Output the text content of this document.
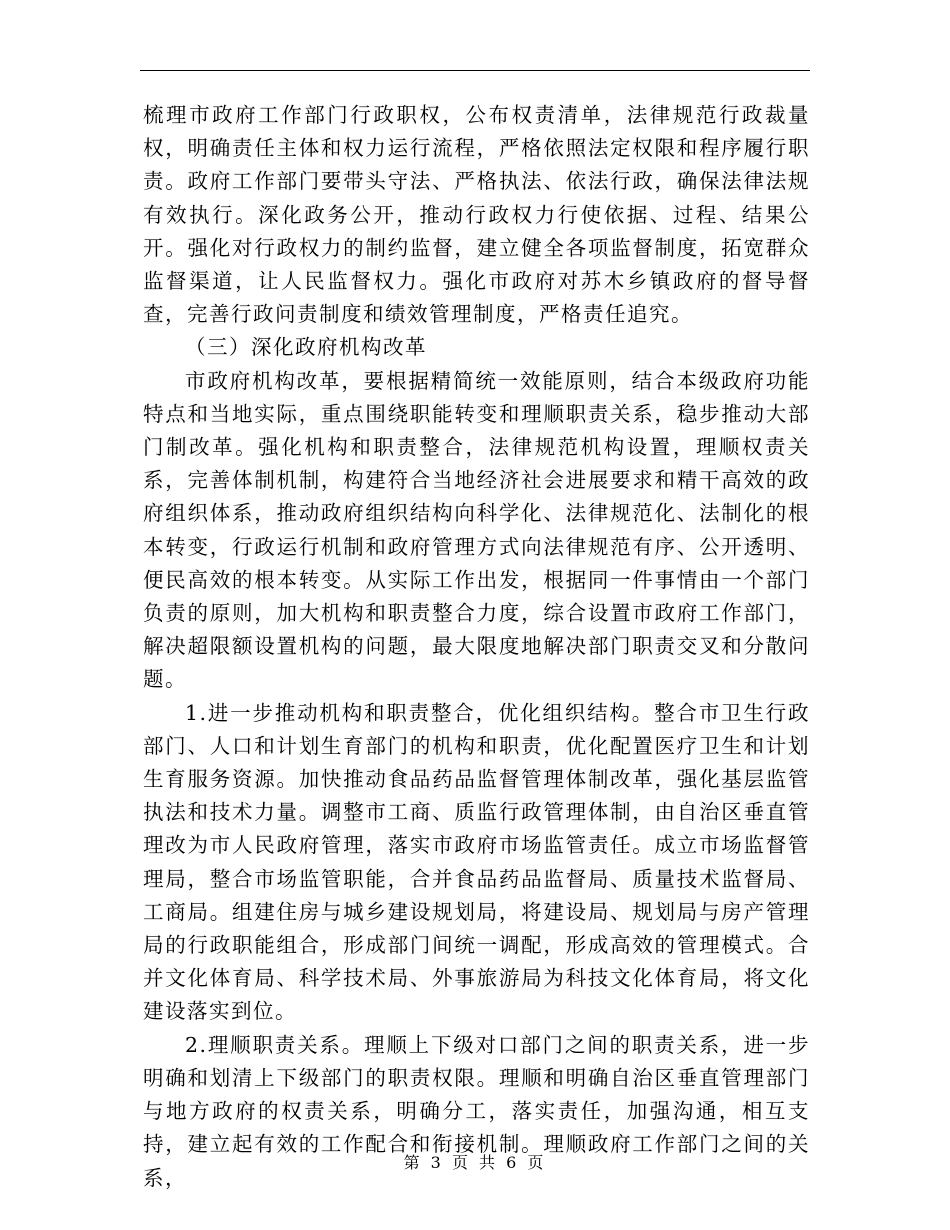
梳理市政府工作部门行政职权，公布权责清单，法律规范行政裁量权，明确责任主体和权力运行流程，严格依照法定权限和程序履行职责。政府工作部门要带头守法、严格执法、依法行政，确保法律法规有效执行。深化政务公开，推动行政权力行使依据、过程、结果公开。强化对行政权力的制约监督，建立健全各项监督制度，拓宽群众监督渠道，让人民监督权力。强化市政府对苏木乡镇政府的督导督查，完善行政问责制度和绩效管理制度，严格责任追究。

（三）深化政府机构改革

市政府机构改革，要根据精简统一效能原则，结合本级政府功能特点和当地实际，重点围绕职能转变和理顺职责关系，稳步推动大部门制改革。强化机构和职责整合，法律规范机构设置，理顺权责关系，完善体制机制，构建符合当地经济社会进展要求和精干高效的政府组织体系，推动政府组织结构向科学化、法律规范化、法制化的根本转变，行政运行机制和政府管理方式向法律规范有序、公开透明、便民高效的根本转变。从实际工作出发，根据同一件事情由一个部门负责的原则，加大机构和职责整合力度，综合设置市政府工作部门，解决超限额设置机构的问题，最大限度地解决部门职责交叉和分散问题。

1.进一步推动机构和职责整合，优化组织结构。整合市卫生行政部门、人口和计划生育部门的机构和职责，优化配置医疗卫生和计划生育服务资源。加快推动食品药品监督管理体制改革，强化基层监管执法和技术力量。调整市工商、质监行政管理体制，由自治区垂直管理改为市人民政府管理，落实市政府市场监管责任。成立市场监督管理局，整合市场监管职能，合并食品药品监督局、质量技术监督局、工商局。组建住房与城乡建设规划局，将建设局、规划局与房产管理局的行政职能组合，形成部门间统一调配，形成高效的管理模式。合并文化体育局、科学技术局、外事旅游局为科技文化体育局，将文化建设落实到位。

2.理顺职责关系。理顺上下级对口部门之间的职责关系，进一步明确和划清上下级部门的职责权限。理顺和明确自治区垂直管理部门与地方政府的权责关系，明确分工，落实责任，加强沟通，相互支持，建立起有效的工作配合和衔接机制。理顺政府工作部门之间的关系，

第 3 页 共 6 页
